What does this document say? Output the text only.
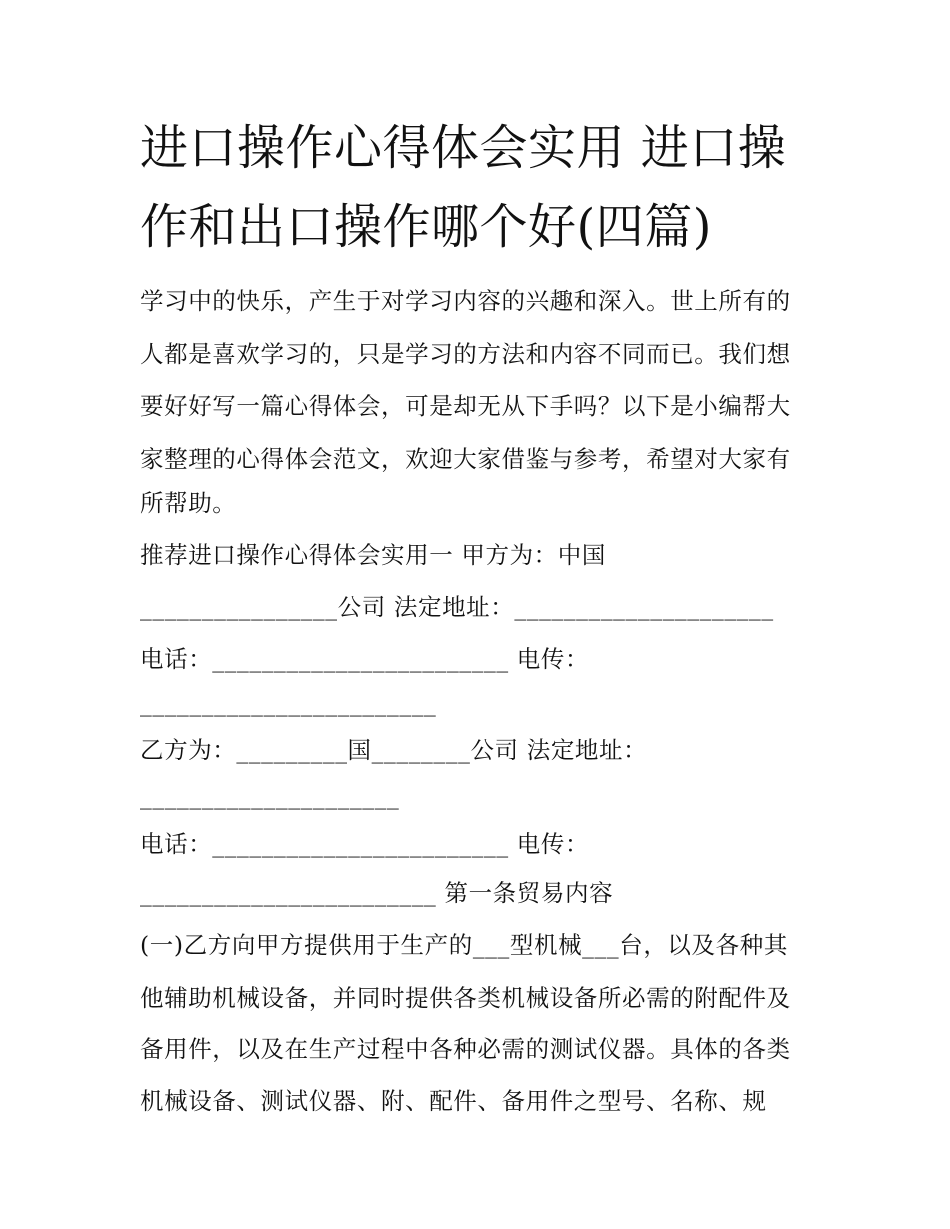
进口操作心得体会实用 进口操
作和出口操作哪个好(四篇)

学习中的快乐，产生于对学习内容的兴趣和深入。世上所有的

人都是喜欢学习的，只是学习的方法和内容不同而已。我们想

要好好写一篇心得体会，可是却无从下手吗？以下是小编帮大

家整理的心得体会范文，欢迎大家借鉴与参考，希望对大家有

所帮助。

推荐进口操作心得体会实用一 甲方为：中国

________________公司 法定地址：_____________________

电话：________________________ 电传：

________________________

乙方为：_________国________公司 法定地址：

_____________________

电话：________________________ 电传：

________________________ 第一条贸易内容

(一)乙方向甲方提供用于生产的___型机械___台，以及各种其

他辅助机械设备，并同时提供各类机械设备所必需的附配件及

备用件，以及在生产过程中各种必需的测试仪器。具体的各类

机械设备、测试仪器、附、配件、备用件之型号、名称、规
